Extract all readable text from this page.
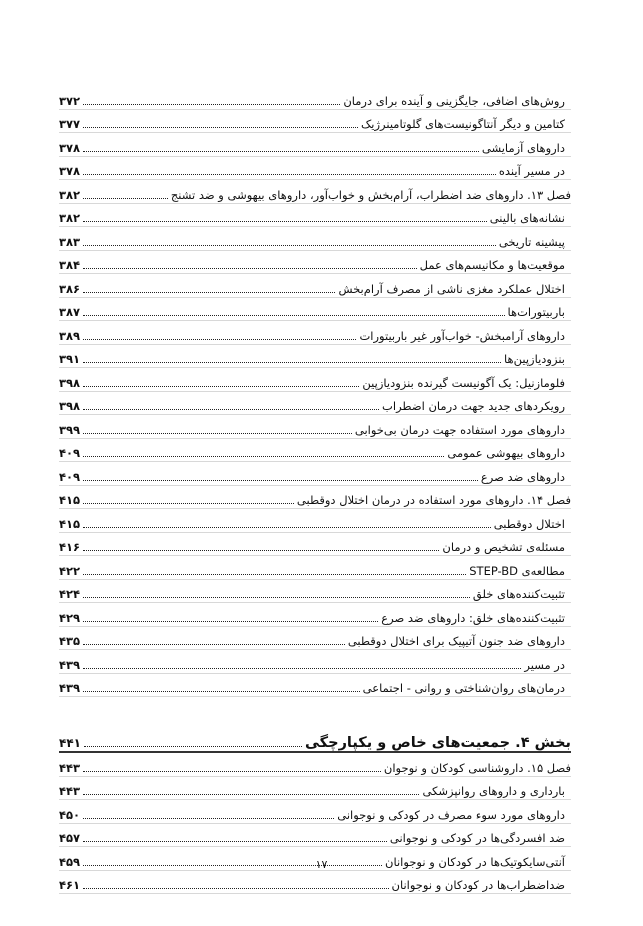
روش‌های اضافی، جایگزینی و آینده برای درمان
۳۷۲
کتامین و دیگر آنتاگونیست‌های گلوتامینرژیک
۳۷۷
داروهای آزمایشی
۳۷۸
در مسیر آینده
۳۷۸
فصل ۱۳. داروهای ضد اضطراب، آرام‌بخش و خواب‌آور، داروهای بیهوشی و ضد تشنج
۳۸۲
نشانه‌های بالینی
۳۸۲
پیشینه تاریخی
۳۸۳
موقعیت‌ها و مکانیسم‌های عمل
۳۸۴
اختلال عملکرد مغزی ناشی از مصرف آرام‌بخش
۳۸۶
باربیتورات‌ها
۳۸۷
داروهای آرامبخش- خواب‌آور غیر باربیتورات
۳۸۹
بنزودیازپین‌ها
۳۹۱
فلومازنیل: یک آگونیست گیرنده بنزودیازپین
۳۹۸
رویکردهای جدید جهت درمان اضطراب
۳۹۸
داروهای مورد استفاده جهت درمان بی‌خوابی
۳۹۹
داروهای بیهوشی عمومی
۴۰۹
داروهای ضد صرع
۴۰۹
فصل ۱۴. داروهای مورد استفاده در درمان اختلال دوقطبی
۴۱۵
اختلال دوقطبی
۴۱۵
مسئله‌ی تشخیص و درمان
۴۱۶
مطالعه‌ی STEP-BD
۴۲۲
تثبیت‌کننده‌های خلق
۴۲۴
تثبیت‌کننده‌های خلق: داروهای ضد صرع
۴۲۹
داروهای ضد جنون آتیپیک برای اختلال دوقطبی
۴۳۵
در مسیر
۴۳۹
درمان‌های روان‌شناختی و روانی - اجتماعی
۴۳۹
بخش ۴. جمعیت‌های خاص و یکپارچگی
۴۴۱
فصل ۱۵. داروشناسی کودکان و نوجوان
۴۴۳
بارداری و داروهای روانپزشکی
۴۴۳
داروهای مورد سوء مصرف در کودکی و نوجوانی
۴۵۰
ضد افسردگی‌ها در کودکی و نوجوانی
۴۵۷
آنتی‌سایکوتیک‌ها در کودکان و نوجوانان
۴۵۹
ضداضطراب‌ها در کودکان و نوجوانان
۴۶۱
۱۷
